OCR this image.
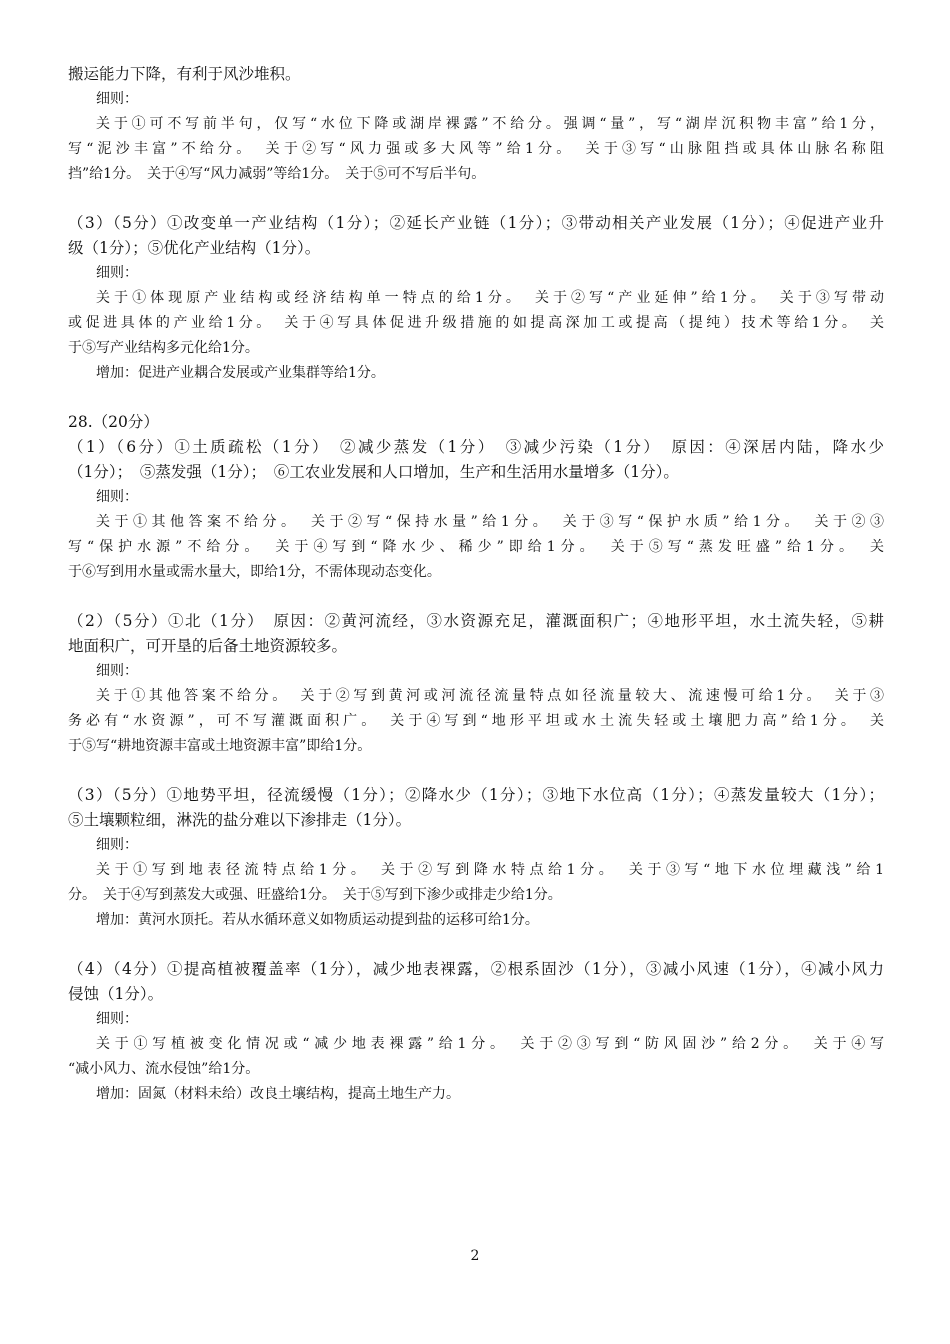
搬运能力下降，有利于风沙堆积。
细则：
关于①可不写前半句，仅写“水位下降或湖岸裸露”不给分。强调“量”，写“湖岸沉积物丰富”给1分，
写“泥沙丰富”不给分。　关于②写“风力强或多大风等”给1分。　关于③写“山脉阻挡或具体山脉名称阻
挡”给1分。　关于④写“风力减弱”等给1分。　关于⑤可不写后半句。
（3）（5分）①改变单一产业结构（1分）；②延长产业链（1分）；③带动相关产业发展（1分）；④促进产业升
级（1分）；⑤优化产业结构（1分）。
细则：
关于①体现原产业结构或经济结构单一特点的给1分。　关于②写“产业延伸”给1分。　关于③写带动
或促进具体的产业给1分。　关于④写具体促进升级措施的如提高深加工或提高（提纯）技术等给1分。　关
于⑤写产业结构多元化给1分。
增加：促进产业耦合发展或产业集群等给1分。
28.（20分）
（1）（6分）①土质疏松（1分）　②减少蒸发（1分）　③减少污染（1分）　原因：④深居内陆，降水少
（1分）；　⑤蒸发强（1分）；　⑥工农业发展和人口增加，生产和生活用水量增多（1分）。
细则：
关于①其他答案不给分。　关于②写“保持水量”给1分。　关于③写“保护水质”给1分。　关于②③
写“保护水源”不给分。　关于④写到“降水少、稀少”即给1分。　关于⑤写“蒸发旺盛”给1分。　关
于⑥写到用水量或需水量大，即给1分，不需体现动态变化。
（2）（5分）①北（1分）　原因：②黄河流经，③水资源充足，灌溉面积广；④地形平坦，水土流失轻，⑤耕
地面积广，可开垦的后备土地资源较多。
细则：
关于①其他答案不给分。　关于②写到黄河或河流径流量特点如径流量较大、流速慢可给1分。　关于③
务必有“水资源”，可不写灌溉面积广。　关于④写到“地形平坦或水土流失轻或土壤肥力高”给1分。　关
于⑤写“耕地资源丰富或土地资源丰富”即给1分。
（3）（5分）①地势平坦，径流缓慢（1分）；②降水少（1分）；③地下水位高（1分）；④蒸发量较大（1分）；
⑤土壤颗粒细，淋洗的盐分难以下渗排走（1分）。
细则：
关于①写到地表径流特点给1分。　关于②写到降水特点给1分。　关于③写“地下水位埋藏浅”给1
分。　关于④写到蒸发大或强、旺盛给1分。　关于⑤写到下渗少或排走少给1分。
增加：黄河水顶托。若从水循环意义如物质运动提到盐的运移可给1分。
（4）（4分）①提高植被覆盖率（1分），减少地表裸露，②根系固沙（1分），③减小风速（1分），④减小风力
侵蚀（1分）。
细则：
关于①写植被变化情况或“减少地表裸露”给1分。　关于②③写到“防风固沙”给2分。　关于④写
“减小风力、流水侵蚀”给1分。
增加：固氮（材料未给）改良土壤结构，提高土地生产力。
2
